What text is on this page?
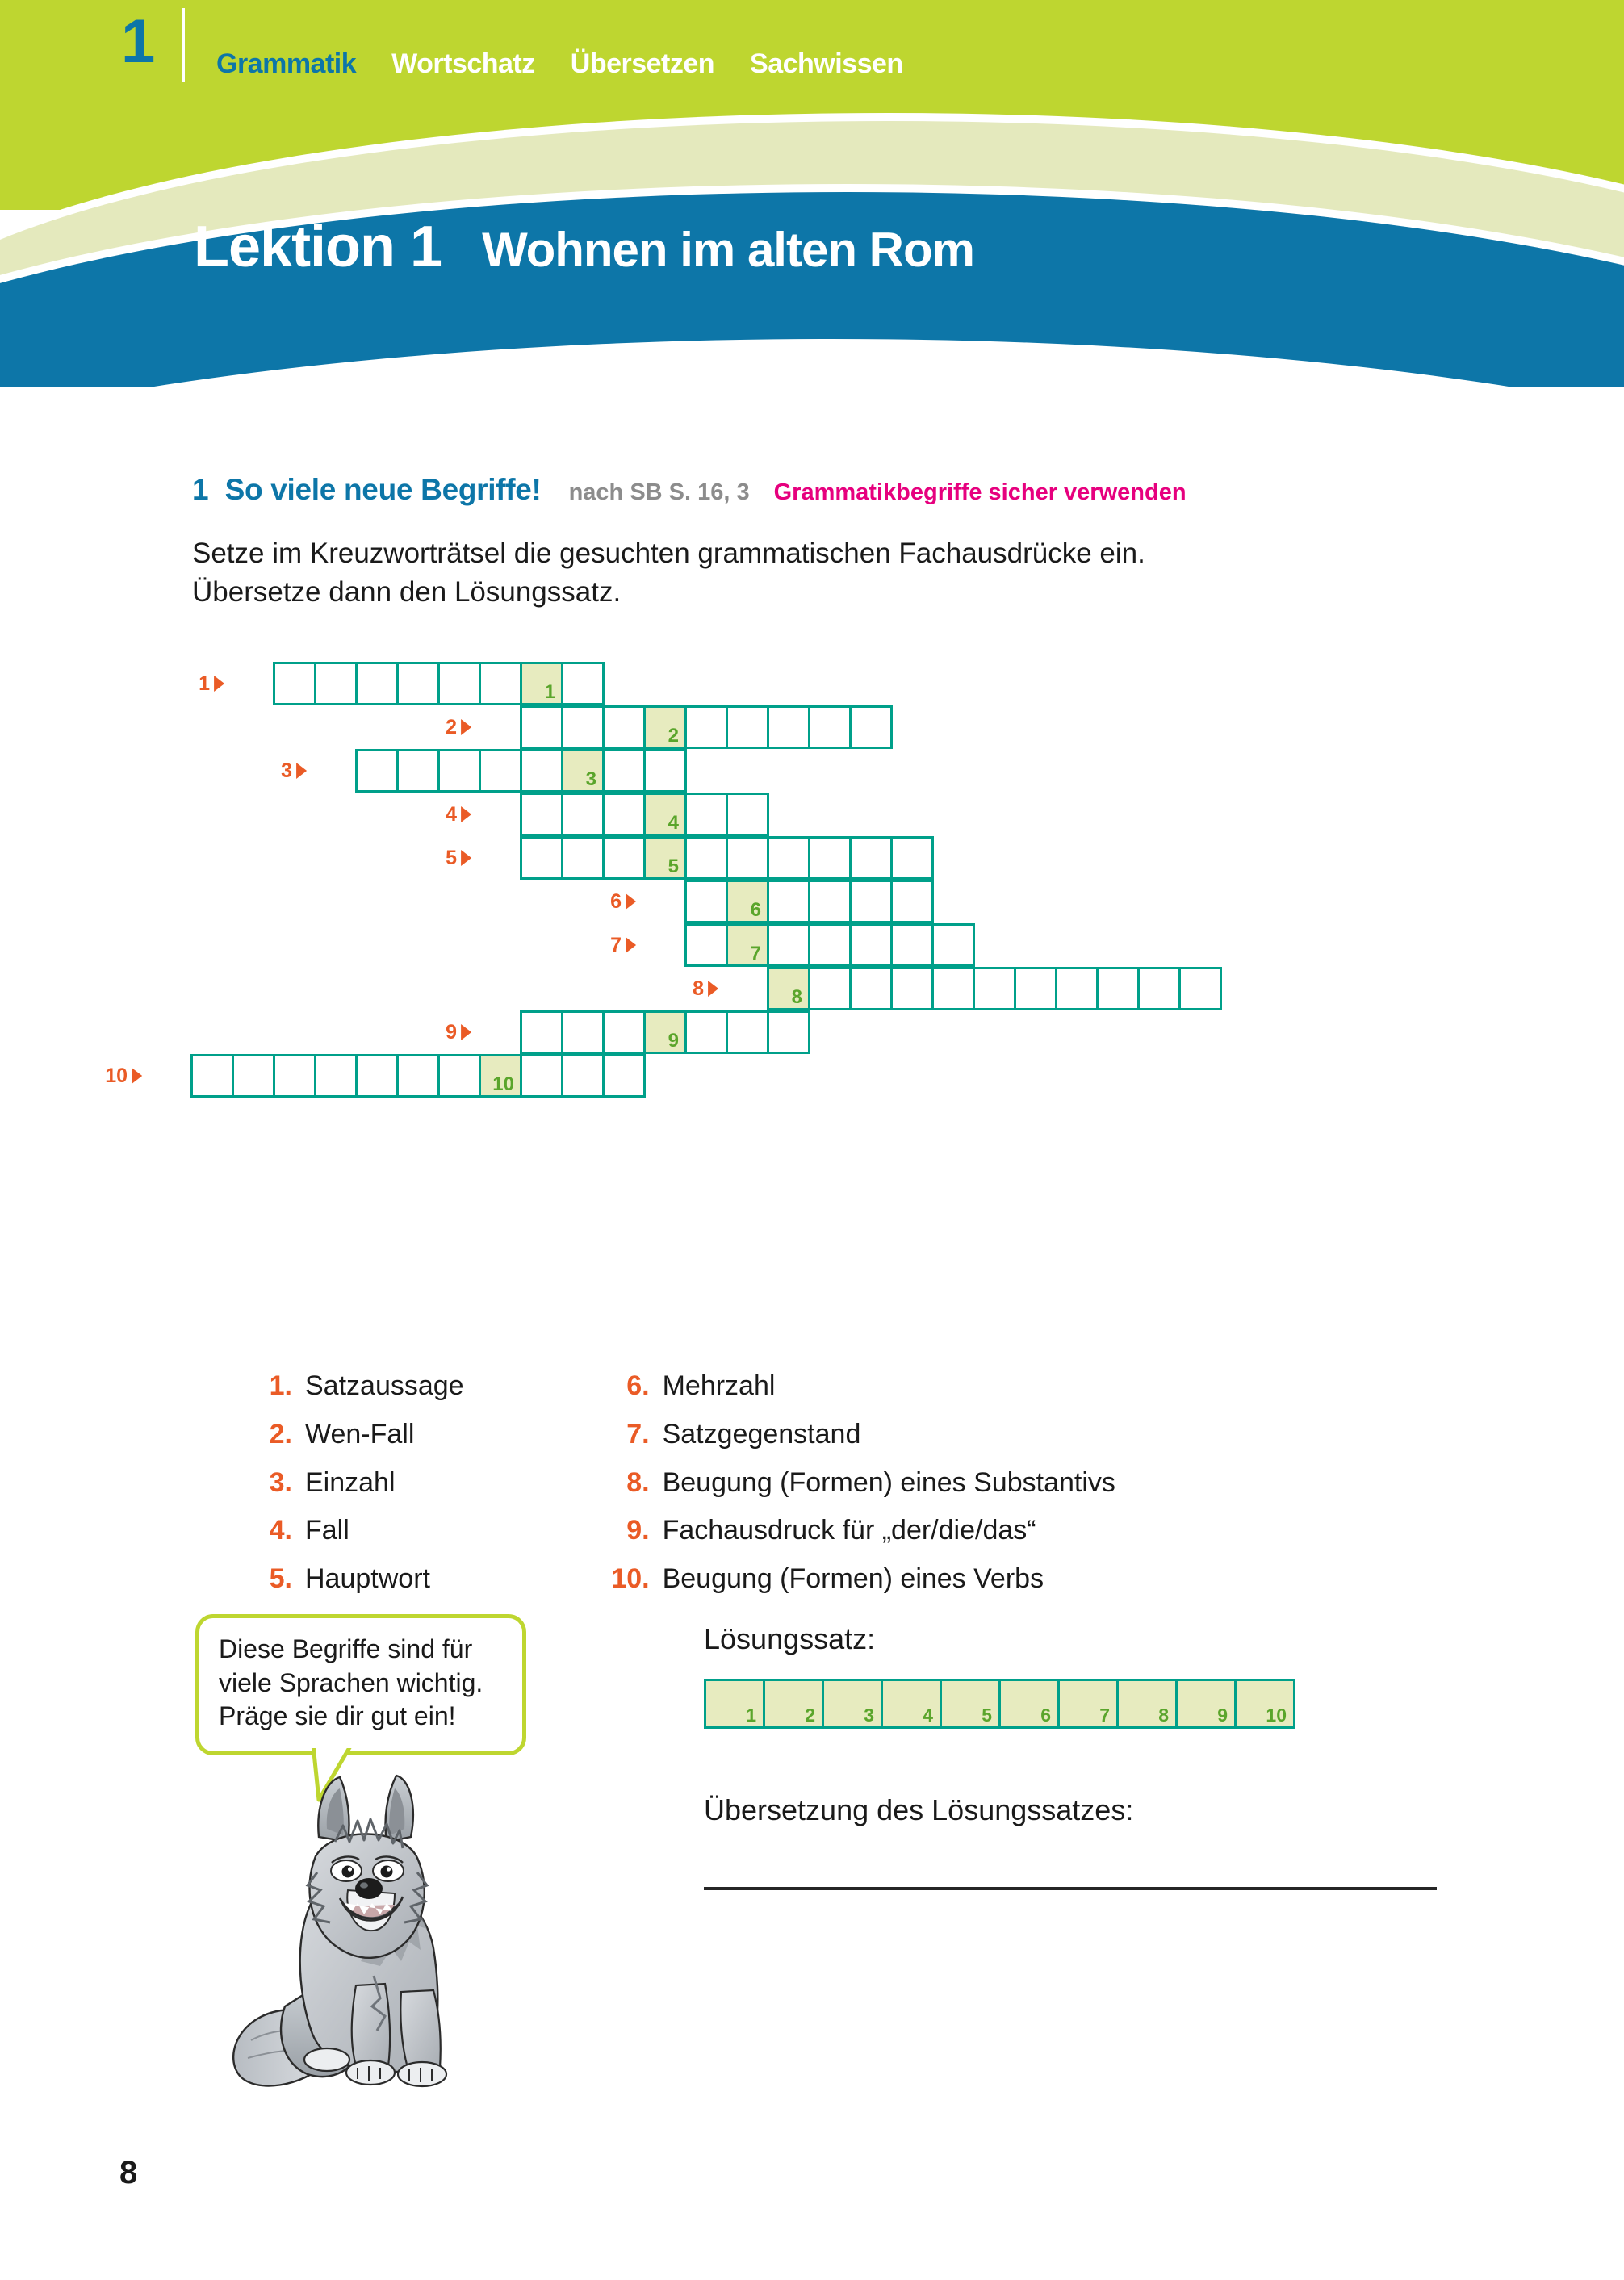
1 Grammatik Wortschatz Übersetzen Sachwissen
Lektion 1 Wohnen im alten Rom
1 So viele neue Begriffe! nach SB S. 16, 3 Grammatikbegriffe sicher verwenden
Setze im Kreuzworträtsel die gesuchten grammatischen Fachausdrücke ein.
Übersetze dann den Lösungssatz.
1	1
2	2
3	3
4	4
5	5
6	6
7	7
8	8
9	9
10	10
1. Satzaussage
2. Wen-Fall
3. Einzahl
4. Fall
5. Hauptwort
6. Mehrzahl
7. Satzgegenstand
8. Beugung (Formen) eines Substantivs
9. Fachausdruck für „der/die/das“
10. Beugung (Formen) eines Verbs
Diese Begriffe sind für
viele Sprachen wichtig.
Präge sie dir gut ein!
Lösungssatz:
1	2	3	4	5	6	7	8	9 10
Übersetzung des Lösungssatzes:
8
